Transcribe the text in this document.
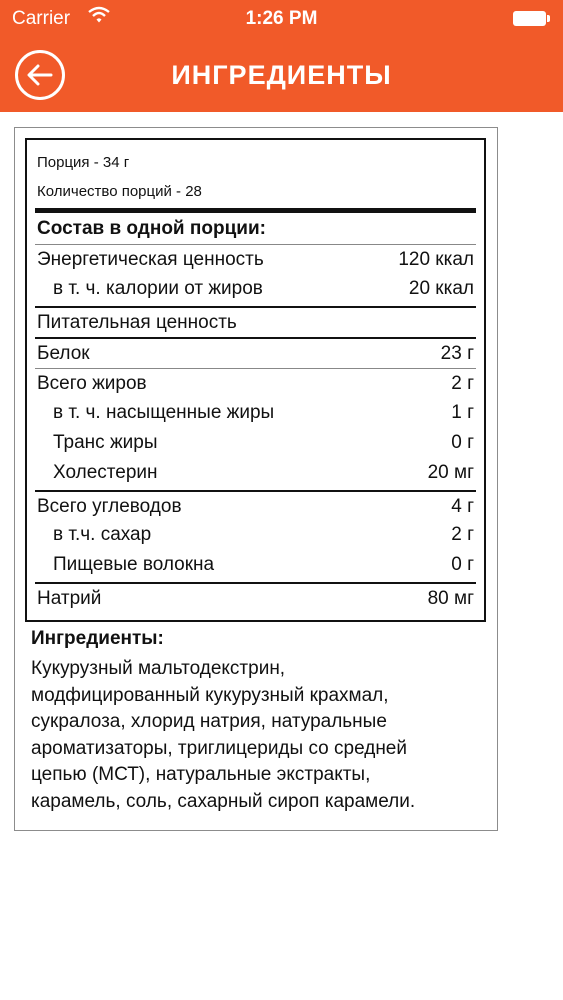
Carrier	1:26 PM
ИНГРЕДИЕНТЫ
Порция - 34 г
Количество порций - 28
Состав в одной порции:
Энергетическая ценность	120 ккал
в т. ч. калории от жиров	20 ккал
Питательная ценность
Белок	23 г
Всего жиров	2 г
в т. ч. насыщенные жиры	1 г
Транс жиры	0 г
Холестерин	20 мг
Всего углеводов	4 г
в т.ч. сахар	2 г
Пищевые волокна	0 г
Натрий	80 мг
Ингредиенты:
Кукурузный мальтодекстрин,
модфицированный кукурузный крахмал,
сукралоза, хлорид натрия, натуральные
ароматизаторы, триглицериды со средней
цепью (МСТ), натуральные экстракты,
карамель, соль, сахарный сироп карамели.
